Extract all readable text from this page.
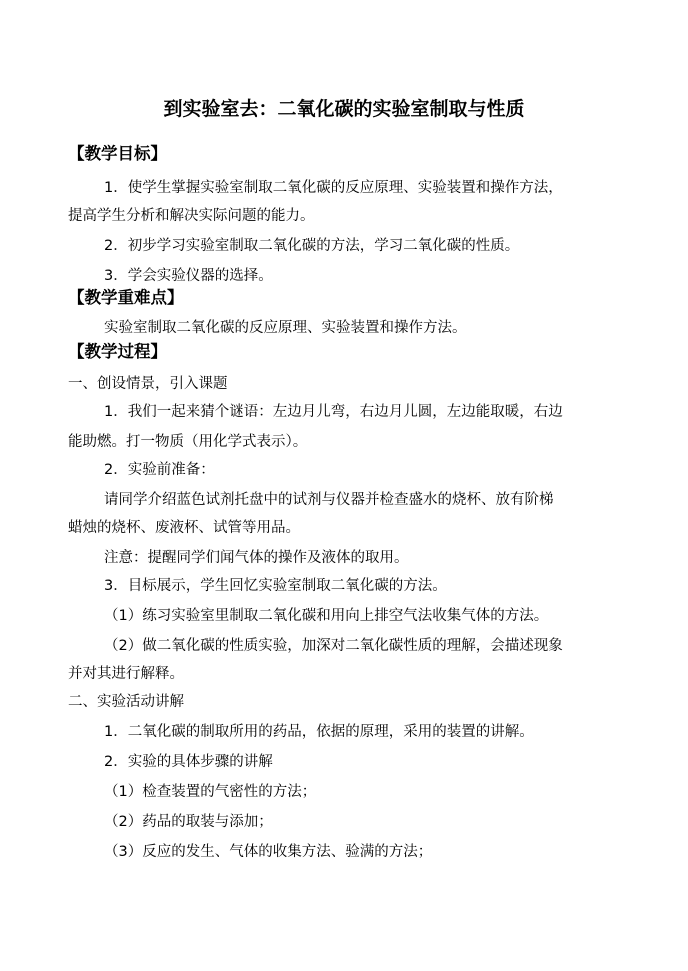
到实验室去：二氧化碳的实验室制取与性质
【教学目标】
1．使学生掌握实验室制取二氧化碳的反应原理、实验装置和操作方法，
提高学生分析和解决实际问题的能力。
2．初步学习实验室制取二氧化碳的方法，学习二氧化碳的性质。
3．学会实验仪器的选择。
【教学重难点】
实验室制取二氧化碳的反应原理、实验装置和操作方法。
【教学过程】
一、创设情景，引入课题
1．我们一起来猜个谜语：左边月儿弯，右边月儿圆，左边能取暖，右边
能助燃。打一物质（用化学式表示）。
2．实验前准备：
请同学介绍蓝色试剂托盘中的试剂与仪器并检查盛水的烧杯、放有阶梯
蜡烛的烧杯、废液杯、试管等用品。
注意：提醒同学们闻气体的操作及液体的取用。
3．目标展示，学生回忆实验室制取二氧化碳的方法。
（1）练习实验室里制取二氧化碳和用向上排空气法收集气体的方法。
（2）做二氧化碳的性质实验，加深对二氧化碳性质的理解，会描述现象
并对其进行解释。
二、实验活动讲解
1．二氧化碳的制取所用的药品，依据的原理，采用的装置的讲解。
2．实验的具体步骤的讲解
（1）检查装置的气密性的方法；
（2）药品的取装与添加；
（3）反应的发生、气体的收集方法、验满的方法；
